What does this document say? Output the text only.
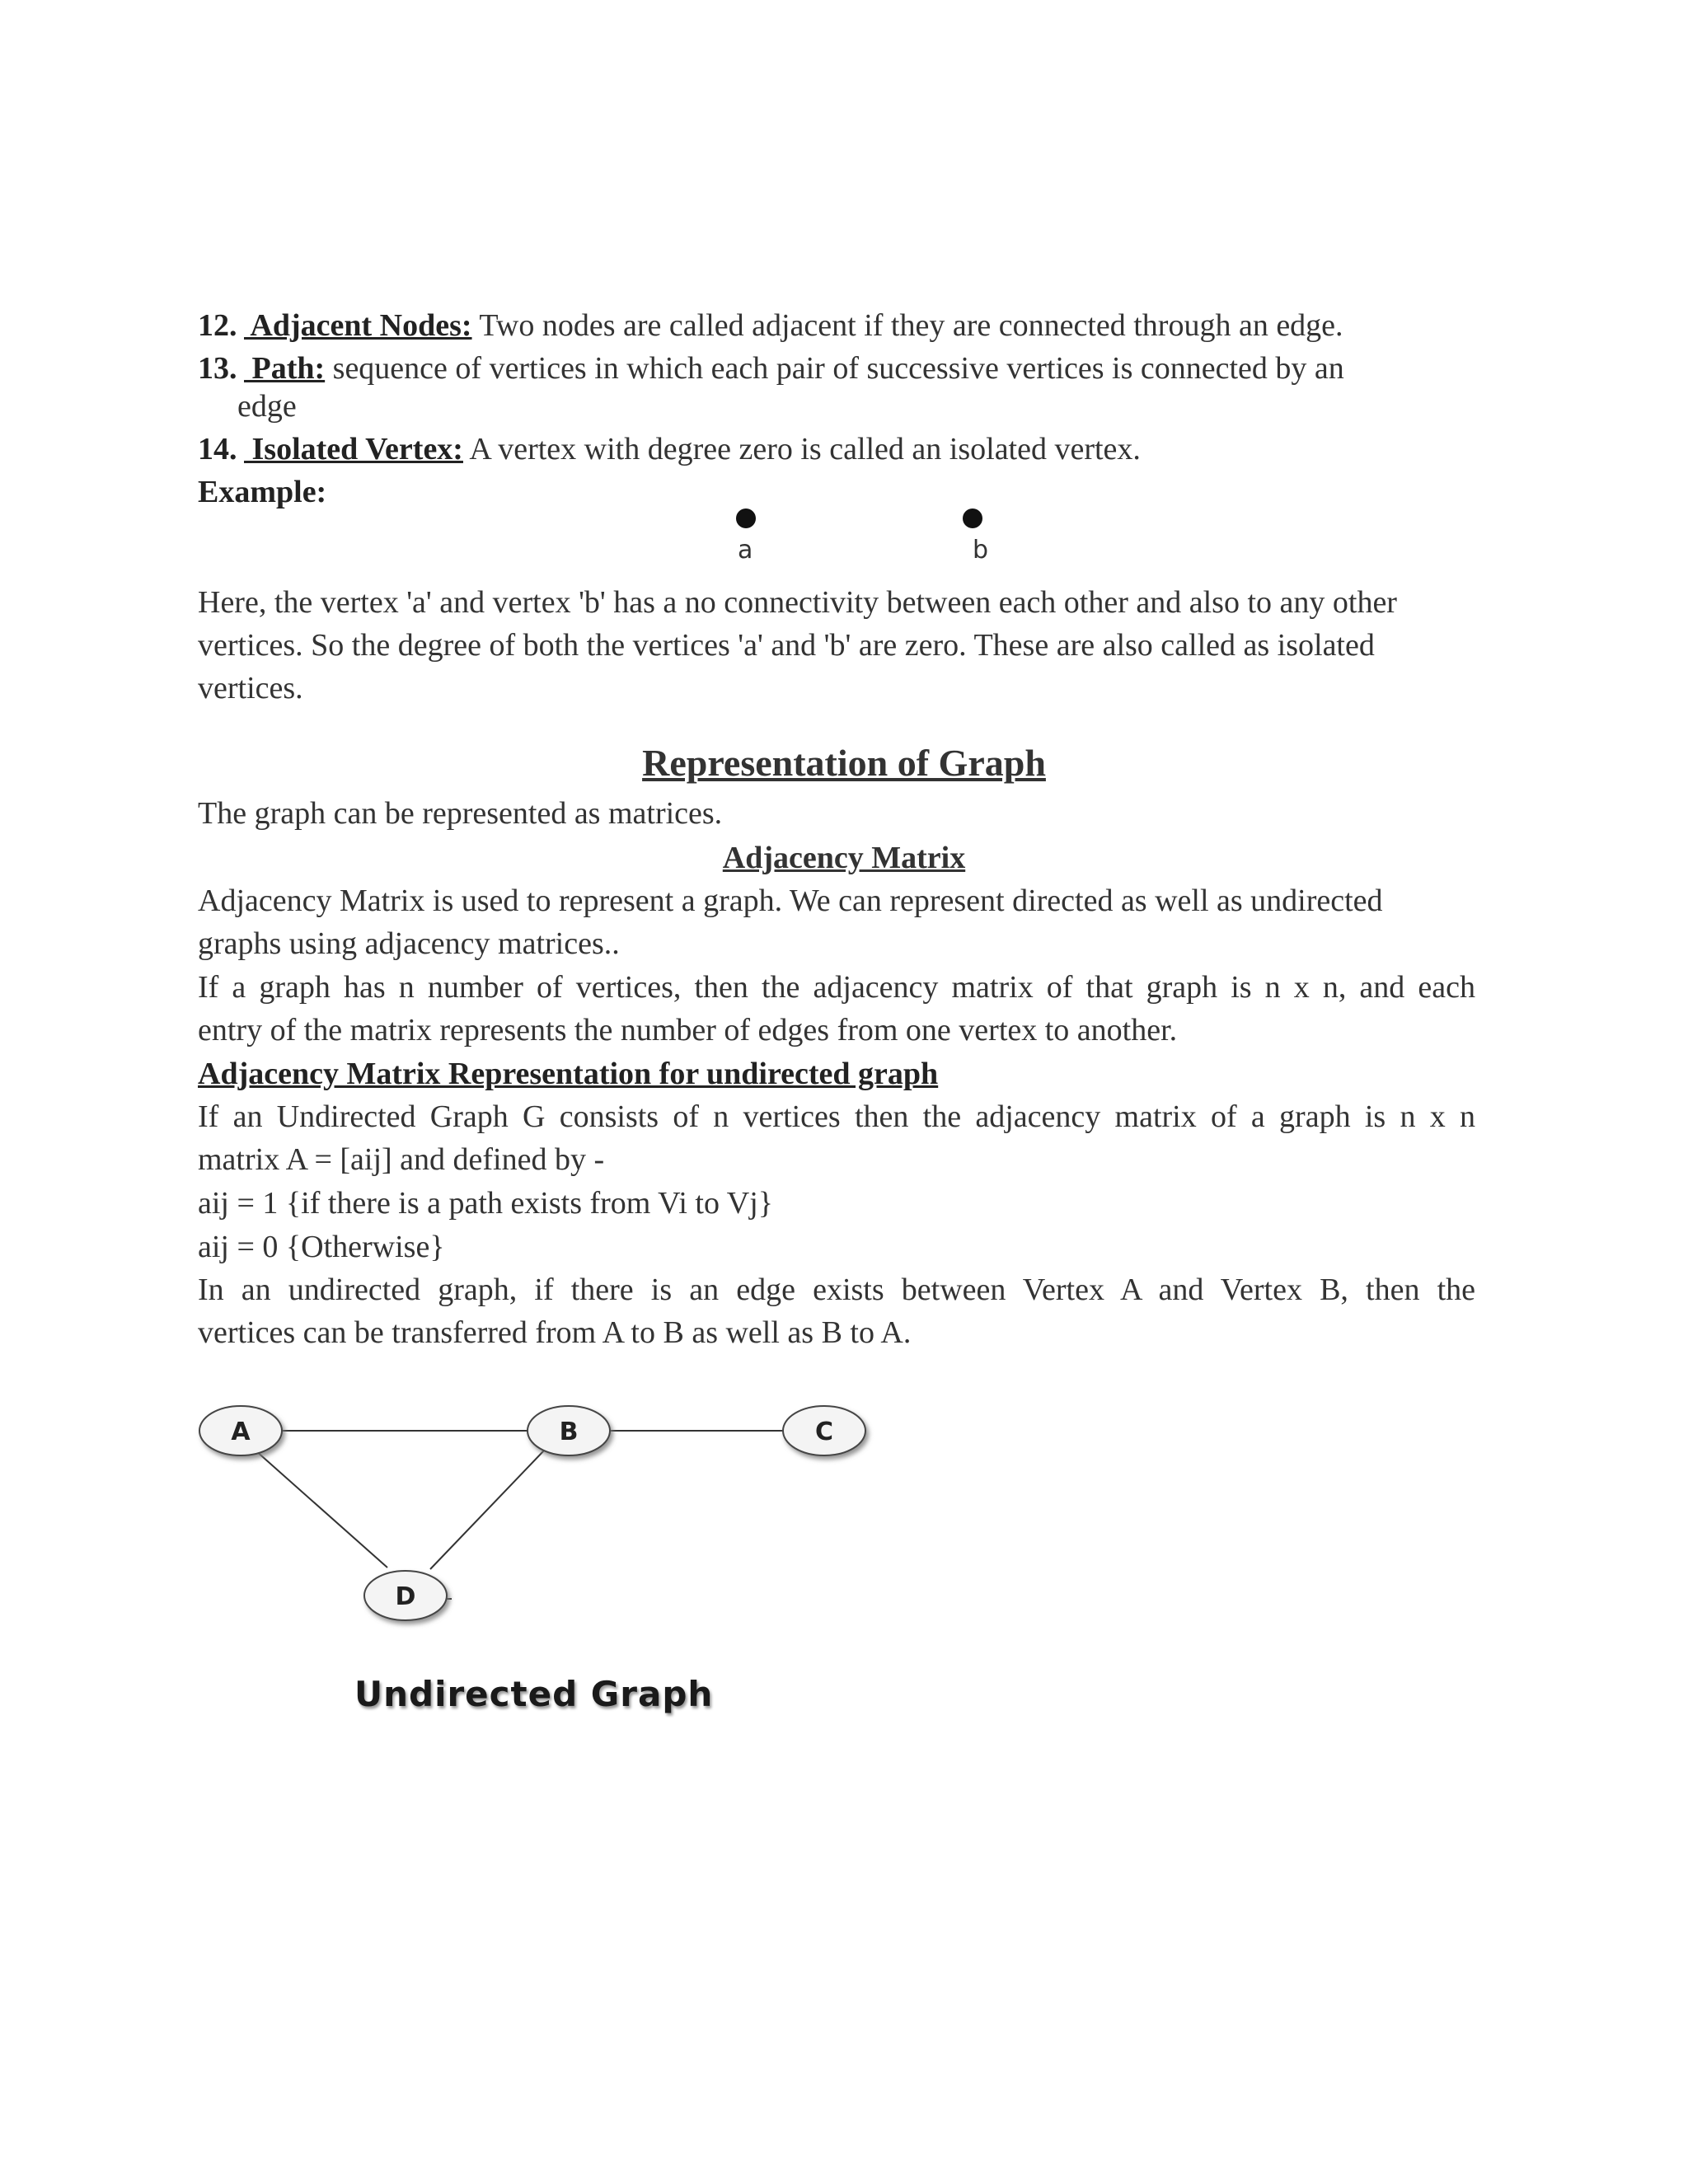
12. Adjacent Nodes: Two nodes are called adjacent if they are connected through an edge.
13. Path: sequence of vertices in which each pair of successive vertices is connected by an
edge
14. Isolated Vertex: A vertex with degree zero is called an isolated vertex.
Example:
a	b
Here, the vertex 'a' and vertex 'b' has a no connectivity between each other and also to any other
vertices. So the degree of both the vertices 'a' and 'b' are zero. These are also called as isolated
vertices.
Representation of Graph
The graph can be represented as matrices.
Adjacency Matrix
Adjacency Matrix is used to represent a graph. We can represent directed as well as undirected
graphs using adjacency matrices..
If a graph has n number of vertices, then the adjacency matrix of that graph is n x n, and each
entry of the matrix represents the number of edges from one vertex to another.
Adjacency Matrix Representation for undirected graph
If an Undirected Graph G consists of n vertices then the adjacency matrix of a graph is n x n
matrix A = [aij] and defined by -
aij = 1 {if there is a path exists from Vi to Vj}
aij = 0 {Otherwise}
In an undirected graph, if there is an edge exists between Vertex A and Vertex B, then the
vertices can be transferred from A to B as well as B to A.
A	B	C
D
Undirected Graph
